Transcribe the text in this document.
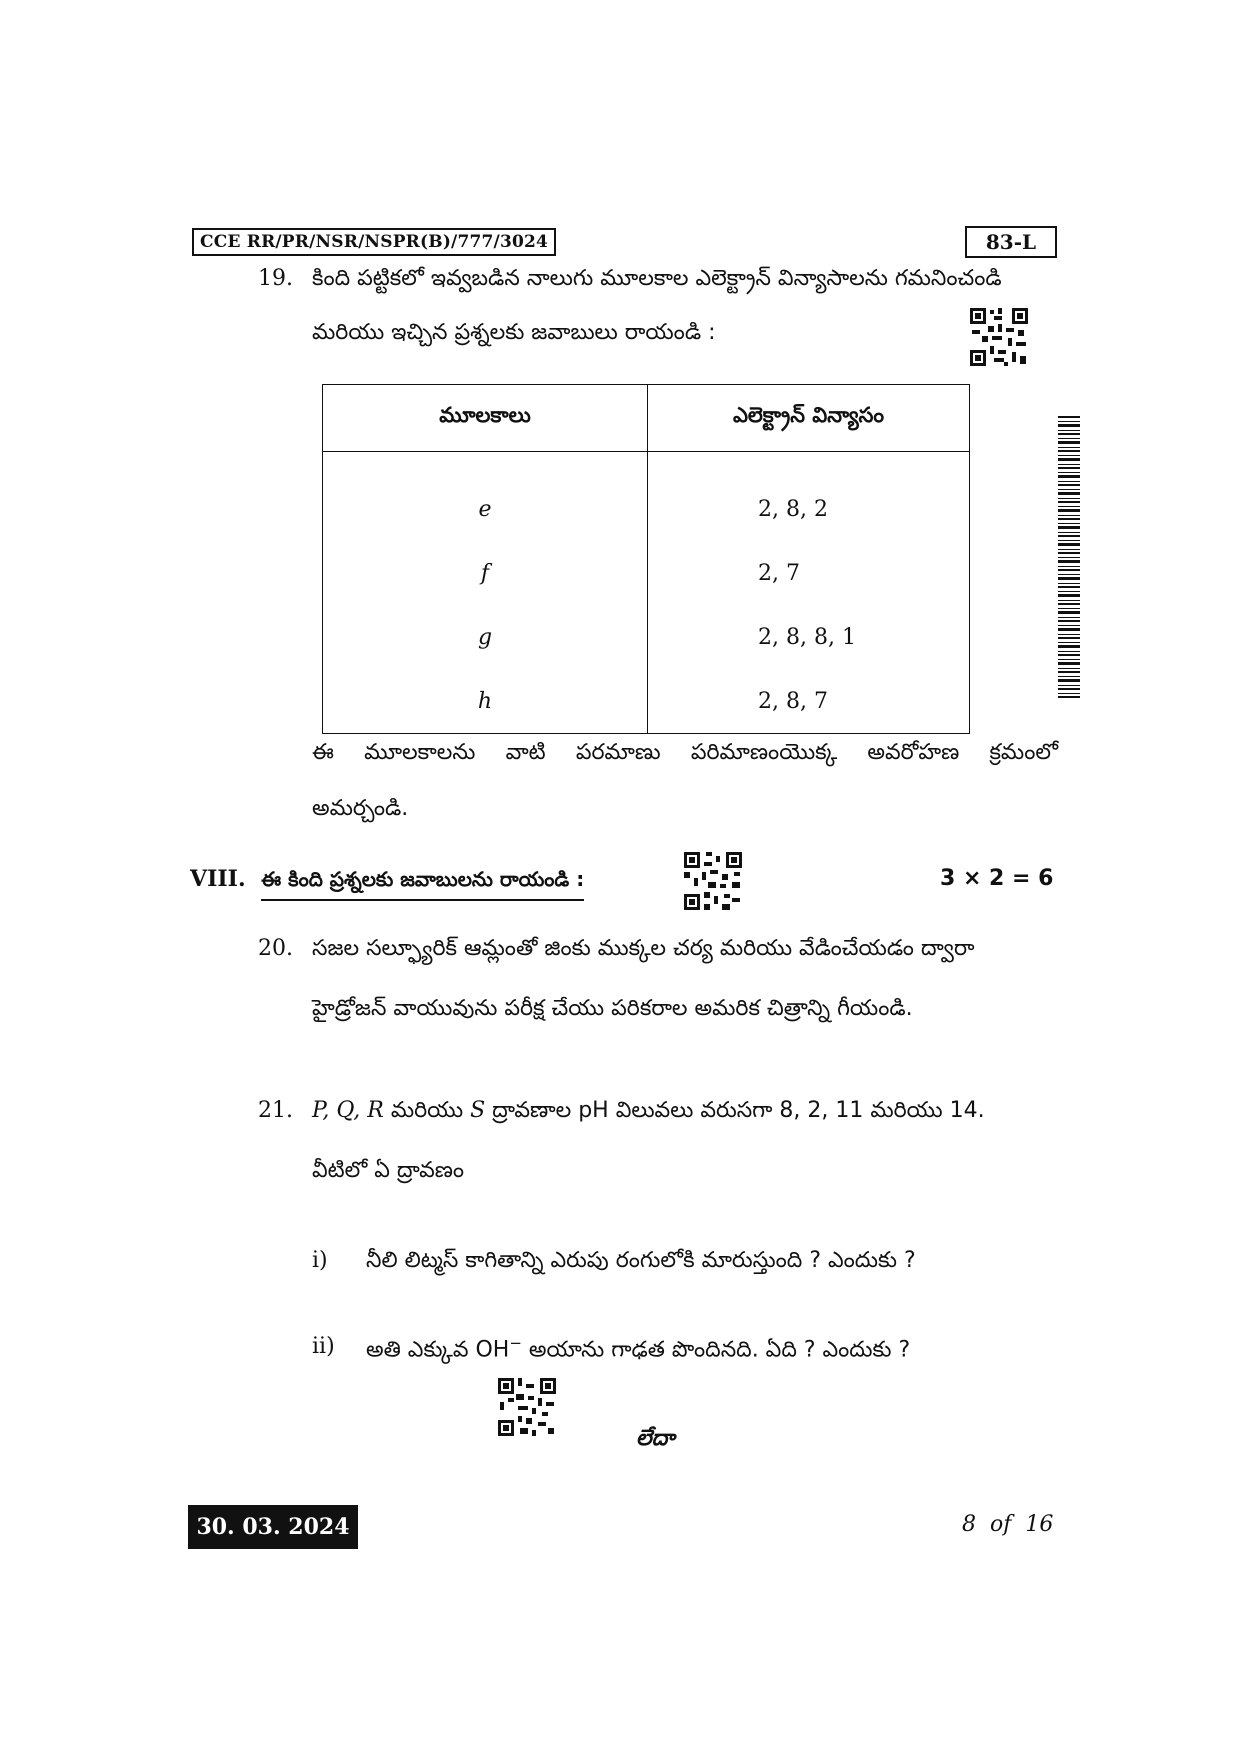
CCE RR/PR/NSR/NSPR(B)/777/3024	83-L
19. కింది పట్టికలో ఇవ్వబడిన నాలుగు మూలకాల ఎలెక్ట్రాన్ విన్యాసాలను గమనించండి
మరియు ఇచ్చిన ప్రశ్నలకు జవాబులు రాయండి :
మూలకాలు	ఎలెక్ట్రాన్ విన్యాసం
e	2, 8, 2
f	2, 7
g	2, 8, 8, 1
h	2, 8, 7
ఈ మూలకాలను వాటి పరమాణు పరిమాణంయొక్క అవరోహణ క్రమంలో
అమర్చండి.
VIII. ఈ కింది ప్రశ్నలకు జవాబులను రాయండి :	3 × 2 = 6
20. సజల సల్ఫ్యూరిక్ ఆమ్లంతో జింకు ముక్కల చర్య మరియు వేడించేయడం ద్వారా
హైడ్రోజన్ వాయువును పరీక్ష చేయు పరికరాల అమరిక చిత్రాన్ని గీయండి.
21. P, Q, R మరియు S ద్రావణాల pH విలువలు వరుసగా 8, 2, 11 మరియు 14.
వీటిలో ఏ ద్రావణం
i) నీలి లిట్మస్ కాగితాన్ని ఎరుపు రంగులోకి మారుస్తుంది ? ఎందుకు ?
ii) అతి ఎక్కువ OH− అయాను గాఢత పొందినది. ఏది ? ఎందుకు ?
లేదా
30. 03. 2024	8  of  16
